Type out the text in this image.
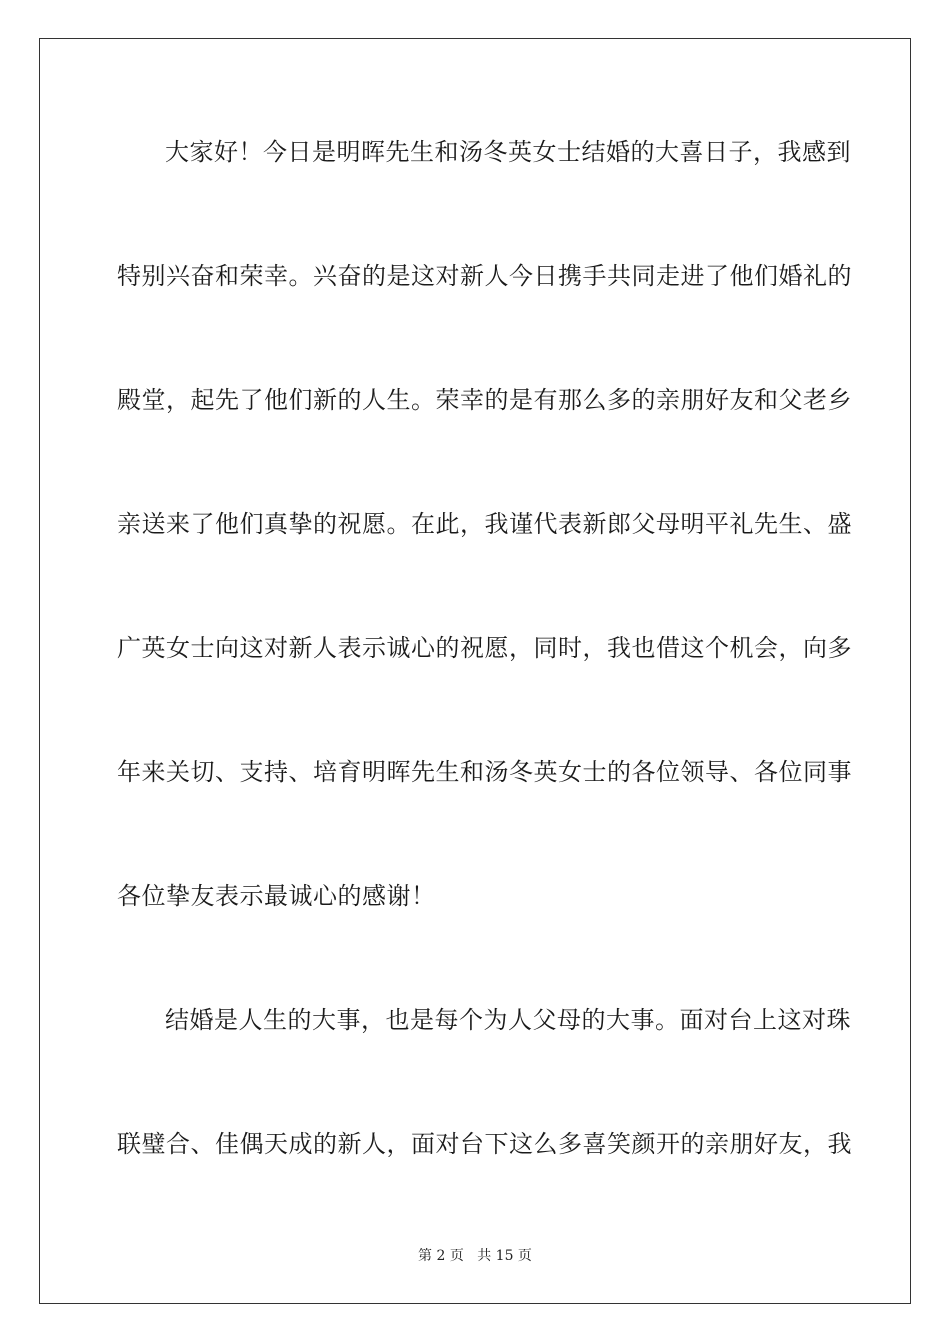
大家好！今日是明晖先生和汤冬英女士结婚的大喜日子，我感到
特别兴奋和荣幸。兴奋的是这对新人今日携手共同走进了他们婚礼的
殿堂，起先了他们新的人生。荣幸的是有那么多的亲朋好友和父老乡
亲送来了他们真挚的祝愿。在此，我谨代表新郎父母明平礼先生、盛
广英女士向这对新人表示诚心的祝愿，同时，我也借这个机会，向多
年来关切、支持、培育明晖先生和汤冬英女士的各位领导、各位同事
各位挚友表示最诚心的感谢！
结婚是人生的大事，也是每个为人父母的大事。面对台上这对珠
联璧合、佳偶天成的新人，面对台下这么多喜笑颜开的亲朋好友，我
第 2 页 共 15 页
